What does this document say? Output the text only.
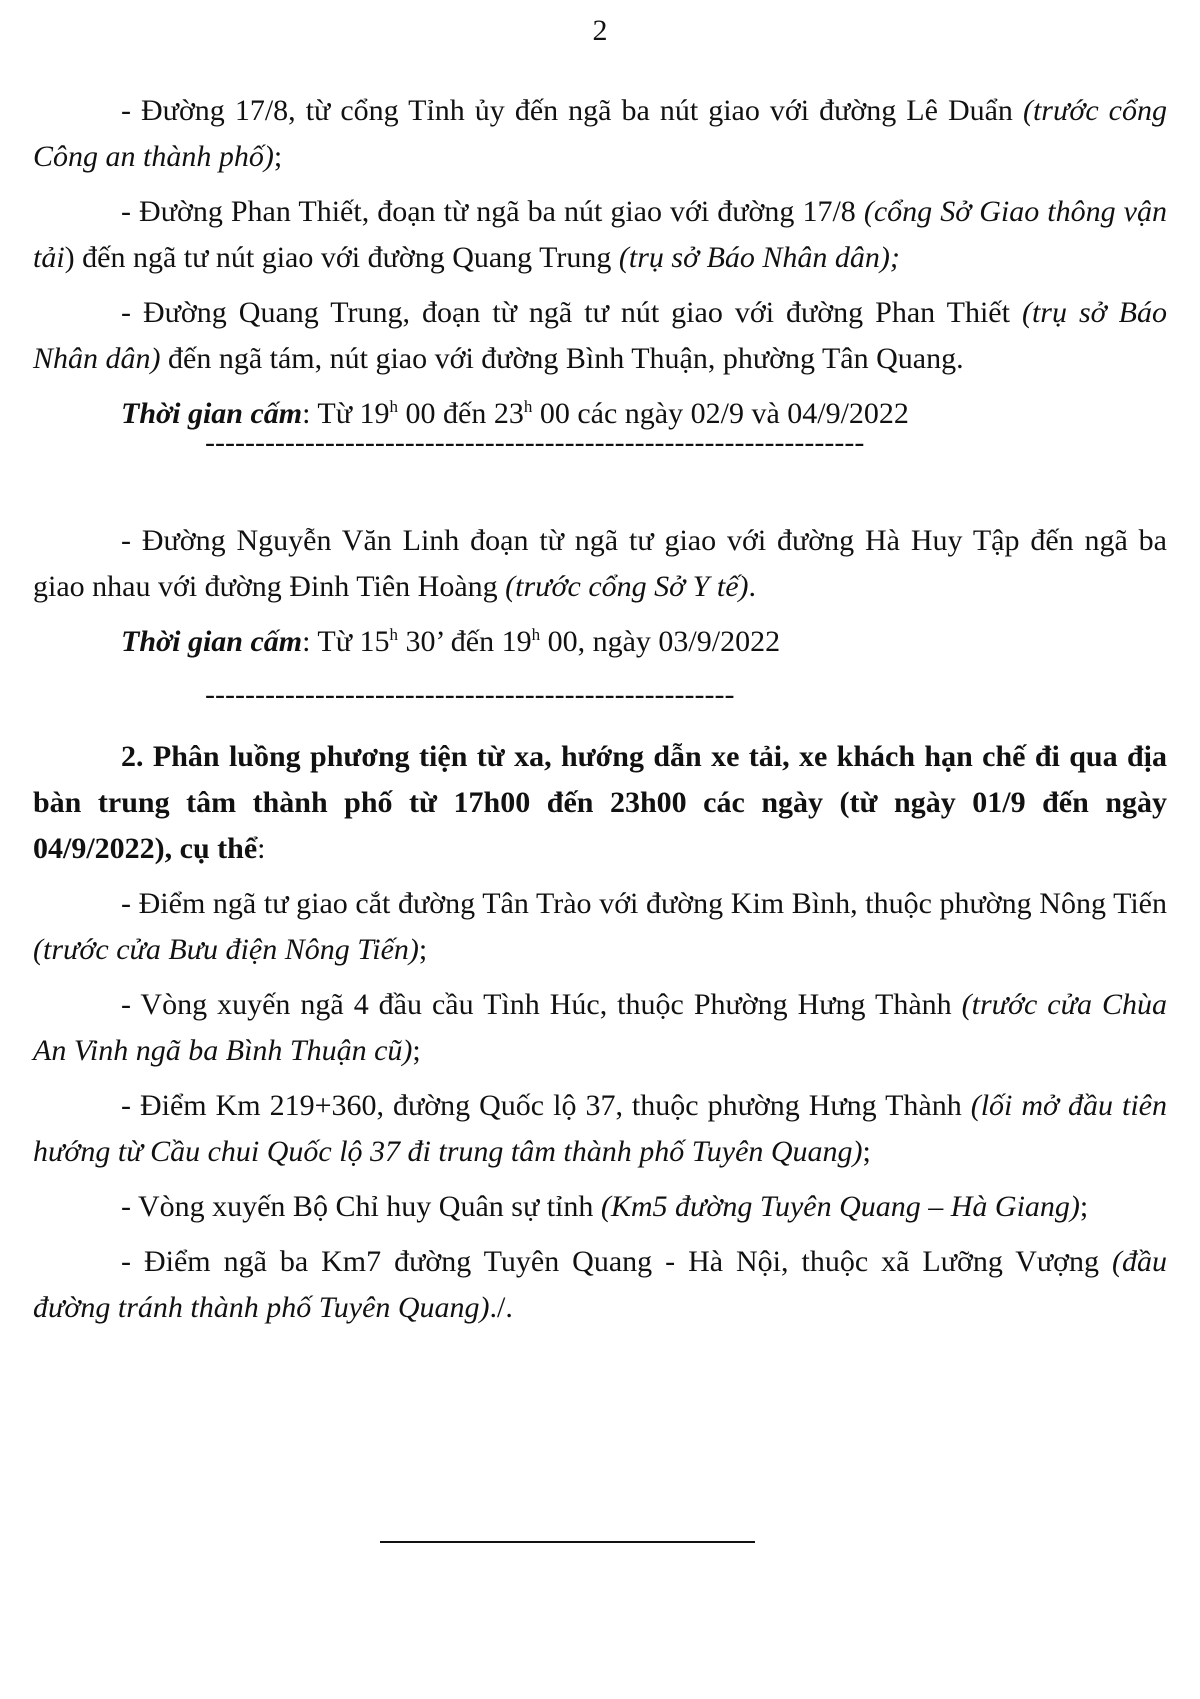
2

- Đường 17/8, từ cổng Tỉnh ủy đến ngã ba nút giao với đường Lê Duẩn (trước cổng Công an thành phố);

- Đường Phan Thiết, đoạn từ ngã ba nút giao với đường 17/8 (cổng Sở Giao thông vận tải) đến ngã tư nút giao với đường Quang Trung (trụ sở Báo Nhân dân);

- Đường Quang Trung, đoạn từ ngã tư nút giao với đường Phan Thiết (trụ sở Báo Nhân dân) đến ngã tám, nút giao với đường Bình Thuận, phường Tân Quang.

Thời gian cấm: Từ 19$^h$ 00 đến 23$^h$ 00 các ngày 02/9 và 04/9/2022

------------------------------------------------------------------

- Đường Nguyễn Văn Linh đoạn từ ngã tư giao với đường Hà Huy Tập đến ngã ba giao nhau với đường Đinh Tiên Hoàng (trước cổng Sở Y tế).

Thời gian cấm: Từ 15$^h$ 30’ đến 19$^h$ 00, ngày 03/9/2022

-----------------------------------------------------

2. Phân luồng phương tiện từ xa, hướng dẫn xe tải, xe khách hạn chế đi qua địa bàn trung tâm thành phố từ 17h00 đến 23h00 các ngày (từ ngày 01/9 đến ngày 04/9/2022), cụ thể:

- Điểm ngã tư giao cắt đường Tân Trào với đường Kim Bình, thuộc phường Nông Tiến (trước cửa Bưu điện Nông Tiến);

- Vòng xuyến ngã 4 đầu cầu Tình Húc, thuộc Phường Hưng Thành (trước cửa Chùa An Vinh ngã ba Bình Thuận cũ);

- Điểm Km 219+360, đường Quốc lộ 37, thuộc phường Hưng Thành (lối mở đầu tiên hướng từ Cầu chui Quốc lộ 37 đi trung tâm thành phố Tuyên Quang);

- Vòng xuyến Bộ Chỉ huy Quân sự tỉnh (Km5 đường Tuyên Quang – Hà Giang);

- Điểm ngã ba Km7 đường Tuyên Quang - Hà Nội, thuộc xã Lưỡng Vượng (đầu đường tránh thành phố Tuyên Quang)./.
